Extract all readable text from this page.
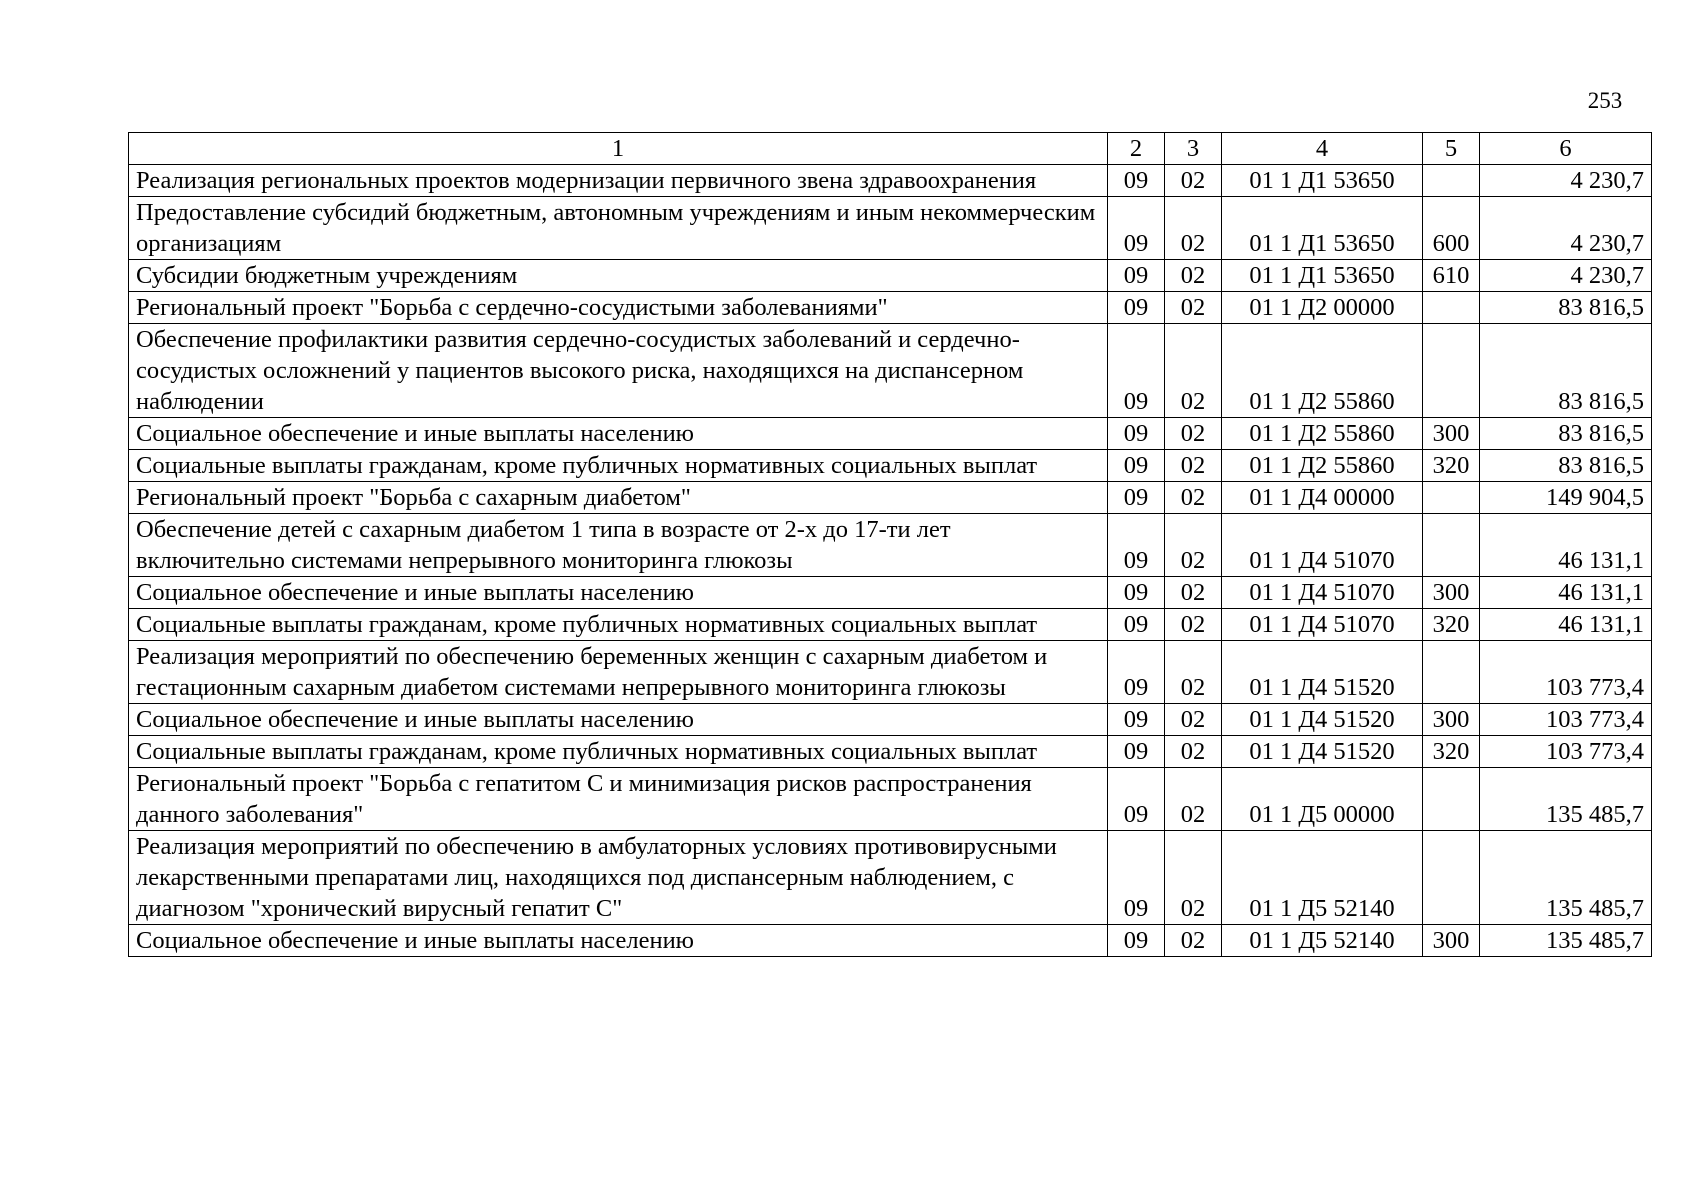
253
1	2	3	4	5	6
Реализация региональных проектов модернизации первичного звена здравоохранения	09	02	01 1 Д1 53650		4 230,7
Предоставление субсидий бюджетным, автономным учреждениям и иным некоммерческим организациям	09	02	01 1 Д1 53650	600	4 230,7
Субсидии бюджетным учреждениям	09	02	01 1 Д1 53650	610	4 230,7
Региональный проект "Борьба с сердечно-сосудистыми заболеваниями"	09	02	01 1 Д2 00000		83 816,5
Обеспечение профилактики развития сердечно-сосудистых заболеваний и сердечно-сосудистых осложнений у пациентов высокого риска, находящихся на диспансерном наблюдении	09	02	01 1 Д2 55860		83 816,5
Социальное обеспечение и иные выплаты населению	09	02	01 1 Д2 55860	300	83 816,5
Социальные выплаты гражданам, кроме публичных нормативных социальных выплат	09	02	01 1 Д2 55860	320	83 816,5
Региональный проект "Борьба с сахарным диабетом"	09	02	01 1 Д4 00000		149 904,5
Обеспечение детей с сахарным диабетом 1 типа в возрасте от 2-х до 17-ти лет включительно системами непрерывного мониторинга глюкозы	09	02	01 1 Д4 51070		46 131,1
Социальное обеспечение и иные выплаты населению	09	02	01 1 Д4 51070	300	46 131,1
Социальные выплаты гражданам, кроме публичных нормативных социальных выплат	09	02	01 1 Д4 51070	320	46 131,1
Реализация мероприятий по обеспечению беременных женщин с сахарным диабетом и гестационным сахарным диабетом системами непрерывного мониторинга глюкозы	09	02	01 1 Д4 51520		103 773,4
Социальное обеспечение и иные выплаты населению	09	02	01 1 Д4 51520	300	103 773,4
Социальные выплаты гражданам, кроме публичных нормативных социальных выплат	09	02	01 1 Д4 51520	320	103 773,4
Региональный проект "Борьба с гепатитом С и минимизация рисков распространения данного заболевания"	09	02	01 1 Д5 00000		135 485,7
Реализация мероприятий по обеспечению в амбулаторных условиях противовирусными лекарственными препаратами лиц, находящихся под диспансерным наблюдением, с диагнозом "хронический вирусный гепатит С"	09	02	01 1 Д5 52140		135 485,7
Социальное обеспечение и иные выплаты населению	09	02	01 1 Д5 52140	300	135 485,7
